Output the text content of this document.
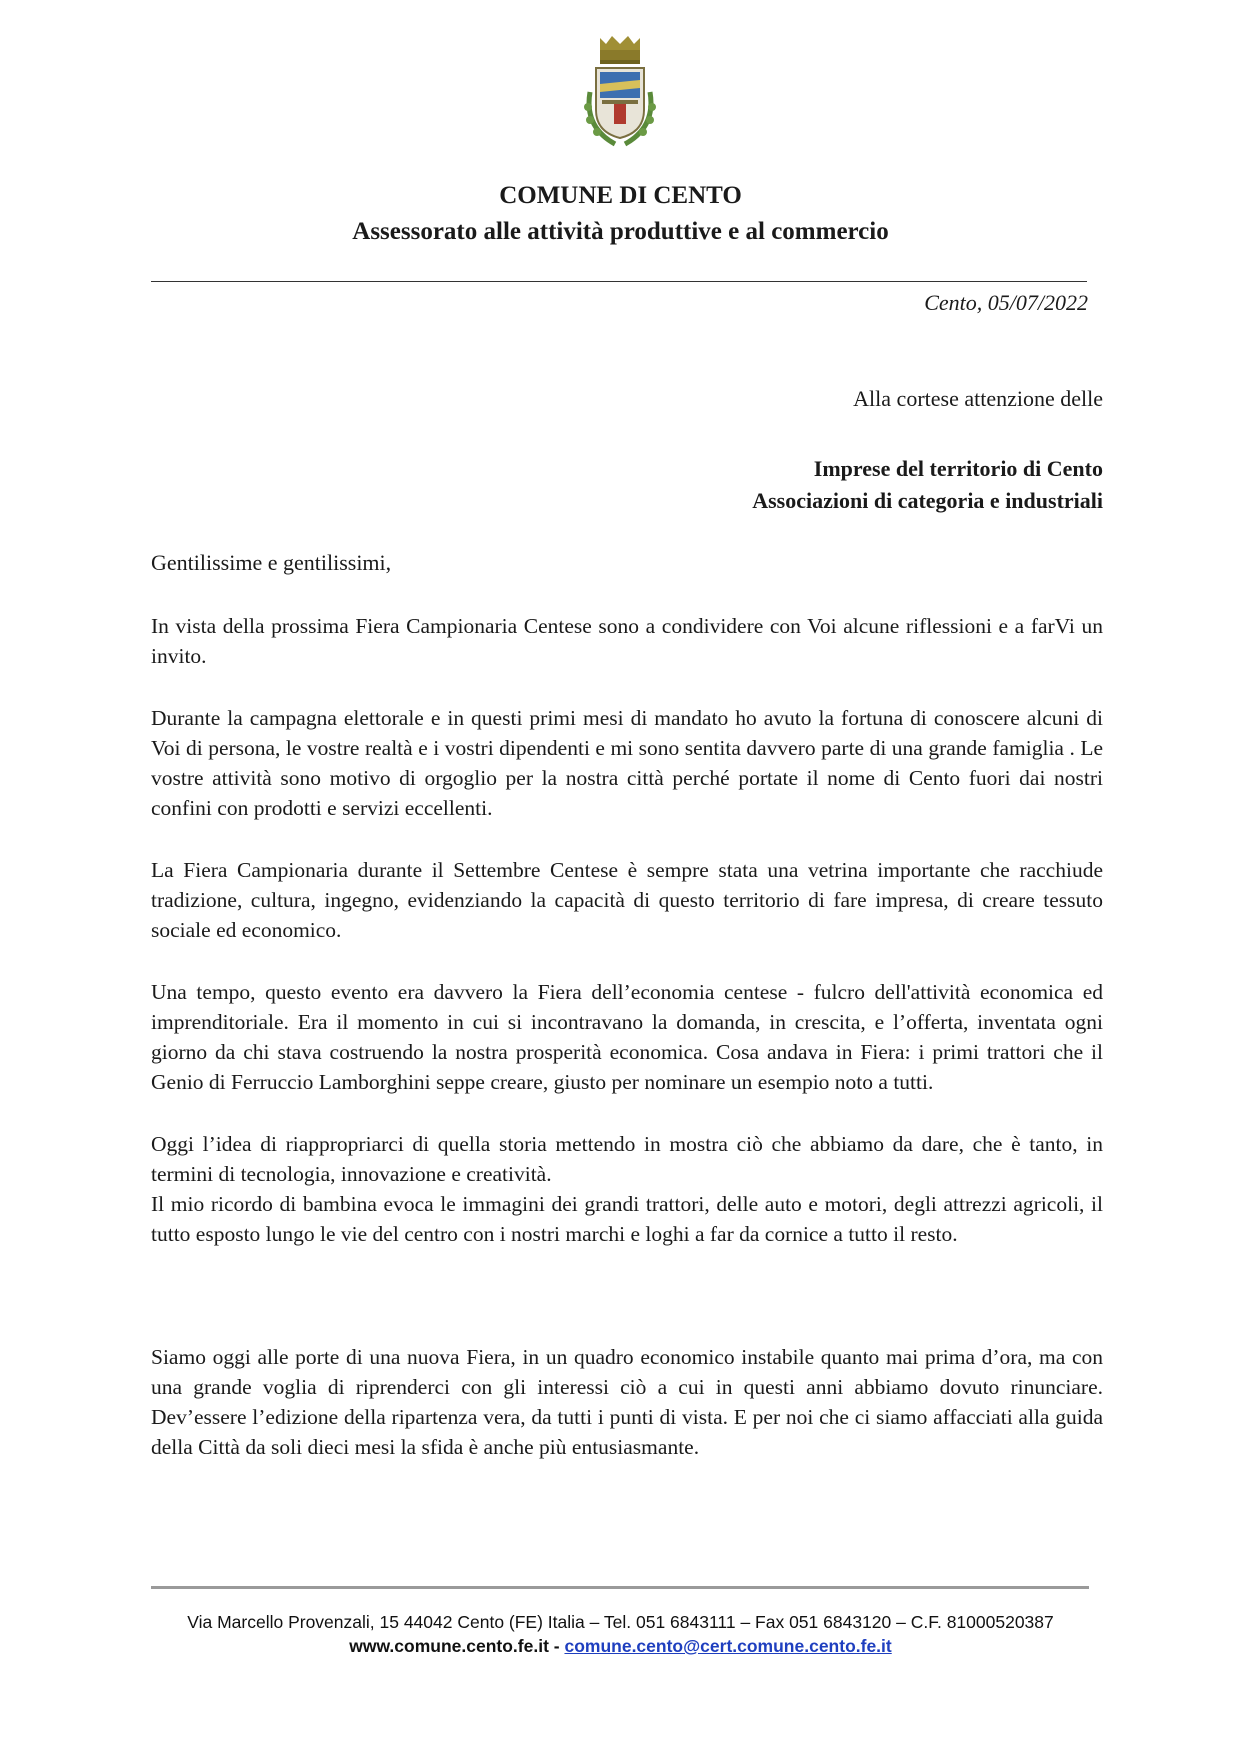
COMUNE DI CENTO
Assessorato alle attività produttive e al commercio
Cento, 05/07/2022
Alla cortese attenzione delle
Imprese del territorio di Cento
Associazioni di categoria e industriali
Gentilissime e gentilissimi,

In vista della prossima Fiera Campionaria Centese sono a condividere con Voi alcune riflessioni e a farVi un invito.

Durante la campagna elettorale e in questi primi mesi di mandato ho avuto la fortuna di conoscere alcuni di Voi di persona, le vostre realtà e i vostri dipendenti e mi sono sentita davvero parte di una grande famiglia . Le vostre attività sono motivo di orgoglio per la nostra città perché portate il nome di Cento fuori dai nostri confini con prodotti e servizi eccellenti.

La Fiera Campionaria durante il Settembre Centese è sempre stata una vetrina importante che racchiude tradizione, cultura, ingegno, evidenziando la capacità di questo territorio di fare impresa, di creare tessuto sociale ed economico.

Una tempo, questo evento era davvero la Fiera dell’economia centese - fulcro dell'attività economica ed imprenditoriale. Era il momento in cui si incontravano la domanda, in crescita, e l’offerta, inventata ogni giorno da chi stava costruendo la nostra prosperità economica. Cosa andava in Fiera: i primi trattori che il Genio di Ferruccio Lamborghini seppe creare, giusto per nominare un esempio noto a tutti.

Oggi l’idea di riappropriarci di quella storia mettendo in mostra ciò che abbiamo da dare, che è tanto, in termini di tecnologia, innovazione e creatività.

Il mio ricordo di bambina evoca le immagini dei grandi trattori, delle auto e motori, degli attrezzi agricoli, il tutto esposto lungo le vie del centro con i nostri marchi e loghi a far da cornice a tutto il resto.

Siamo oggi alle porte di una nuova Fiera, in un quadro economico instabile quanto mai prima d’ora, ma con una grande voglia di riprenderci con gli interessi ciò a cui in questi anni abbiamo dovuto rinunciare. Dev’essere l’edizione della ripartenza vera, da tutti i punti di vista. E per noi che ci siamo affacciati alla guida della Città da soli dieci mesi la sfida è anche più entusiasmante.

Via Marcello Provenzali, 15 44042 Cento (FE) Italia – Tel. 051 6843111 – Fax 051 6843120 – C.F. 81000520387
www.comune.cento.fe.it - comune.cento@cert.comune.cento.fe.it
